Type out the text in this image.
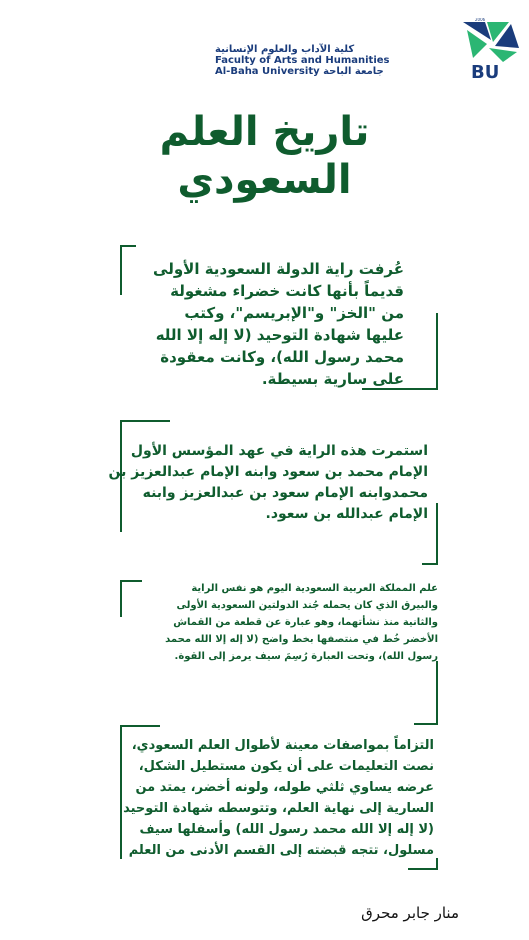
BU
2006
كلية الآداب والعلوم الإنسانية
Faculty of Arts and Humanities
Al-Baha University جامعة الباحة
تاريخ العلم
السعودي
عُرفت راية الدولة السعودية الأولى
قديماً بأنها كانت خضراء مشغولة
من "الخز" و"الإبريسم"، وكتب
عليها شهادة التوحيد (لا إله إلا الله
محمد رسول الله)، وكانت معقودة
على سارية بسيطة.
استمرت هذه الراية في عهد المؤسس الأول
الإمام محمد بن سعود وابنه الإمام عبدالعزيز بن
محمدوابنه الإمام سعود بن عبدالعزيز وابنه
الإمام عبدالله بن سعود.
علم المملكة العربية السعودية اليوم هو نفس الراية
والبيرق الذي كان يحمله جُند الدولتين السعودية الأولى
والثانية منذ نشأتهما، وهو عبارة عن قطعة من القماش
الأخضر خُط في منتصفها بخط واضح (لا إله إلا الله محمد
رسول الله)، وتحت العبارة رُسِمَ سيف يرمز إلى القوة.
التزاماً بمواصفات معينة لأطوال العلم السعودي،
نصت التعليمات على أن يكون مستطيل الشكل،
عرضه يساوي ثلثي طوله، ولونه أخضر، يمتد من
السارية إلى نهاية العلم، وتتوسطه شهادة التوحيد
(لا إله إلا الله محمد رسول الله) وأسفلها سيف
مسلول، تتجه قبضته إلى القسم الأدنى من العلم
منار جابر محرق
